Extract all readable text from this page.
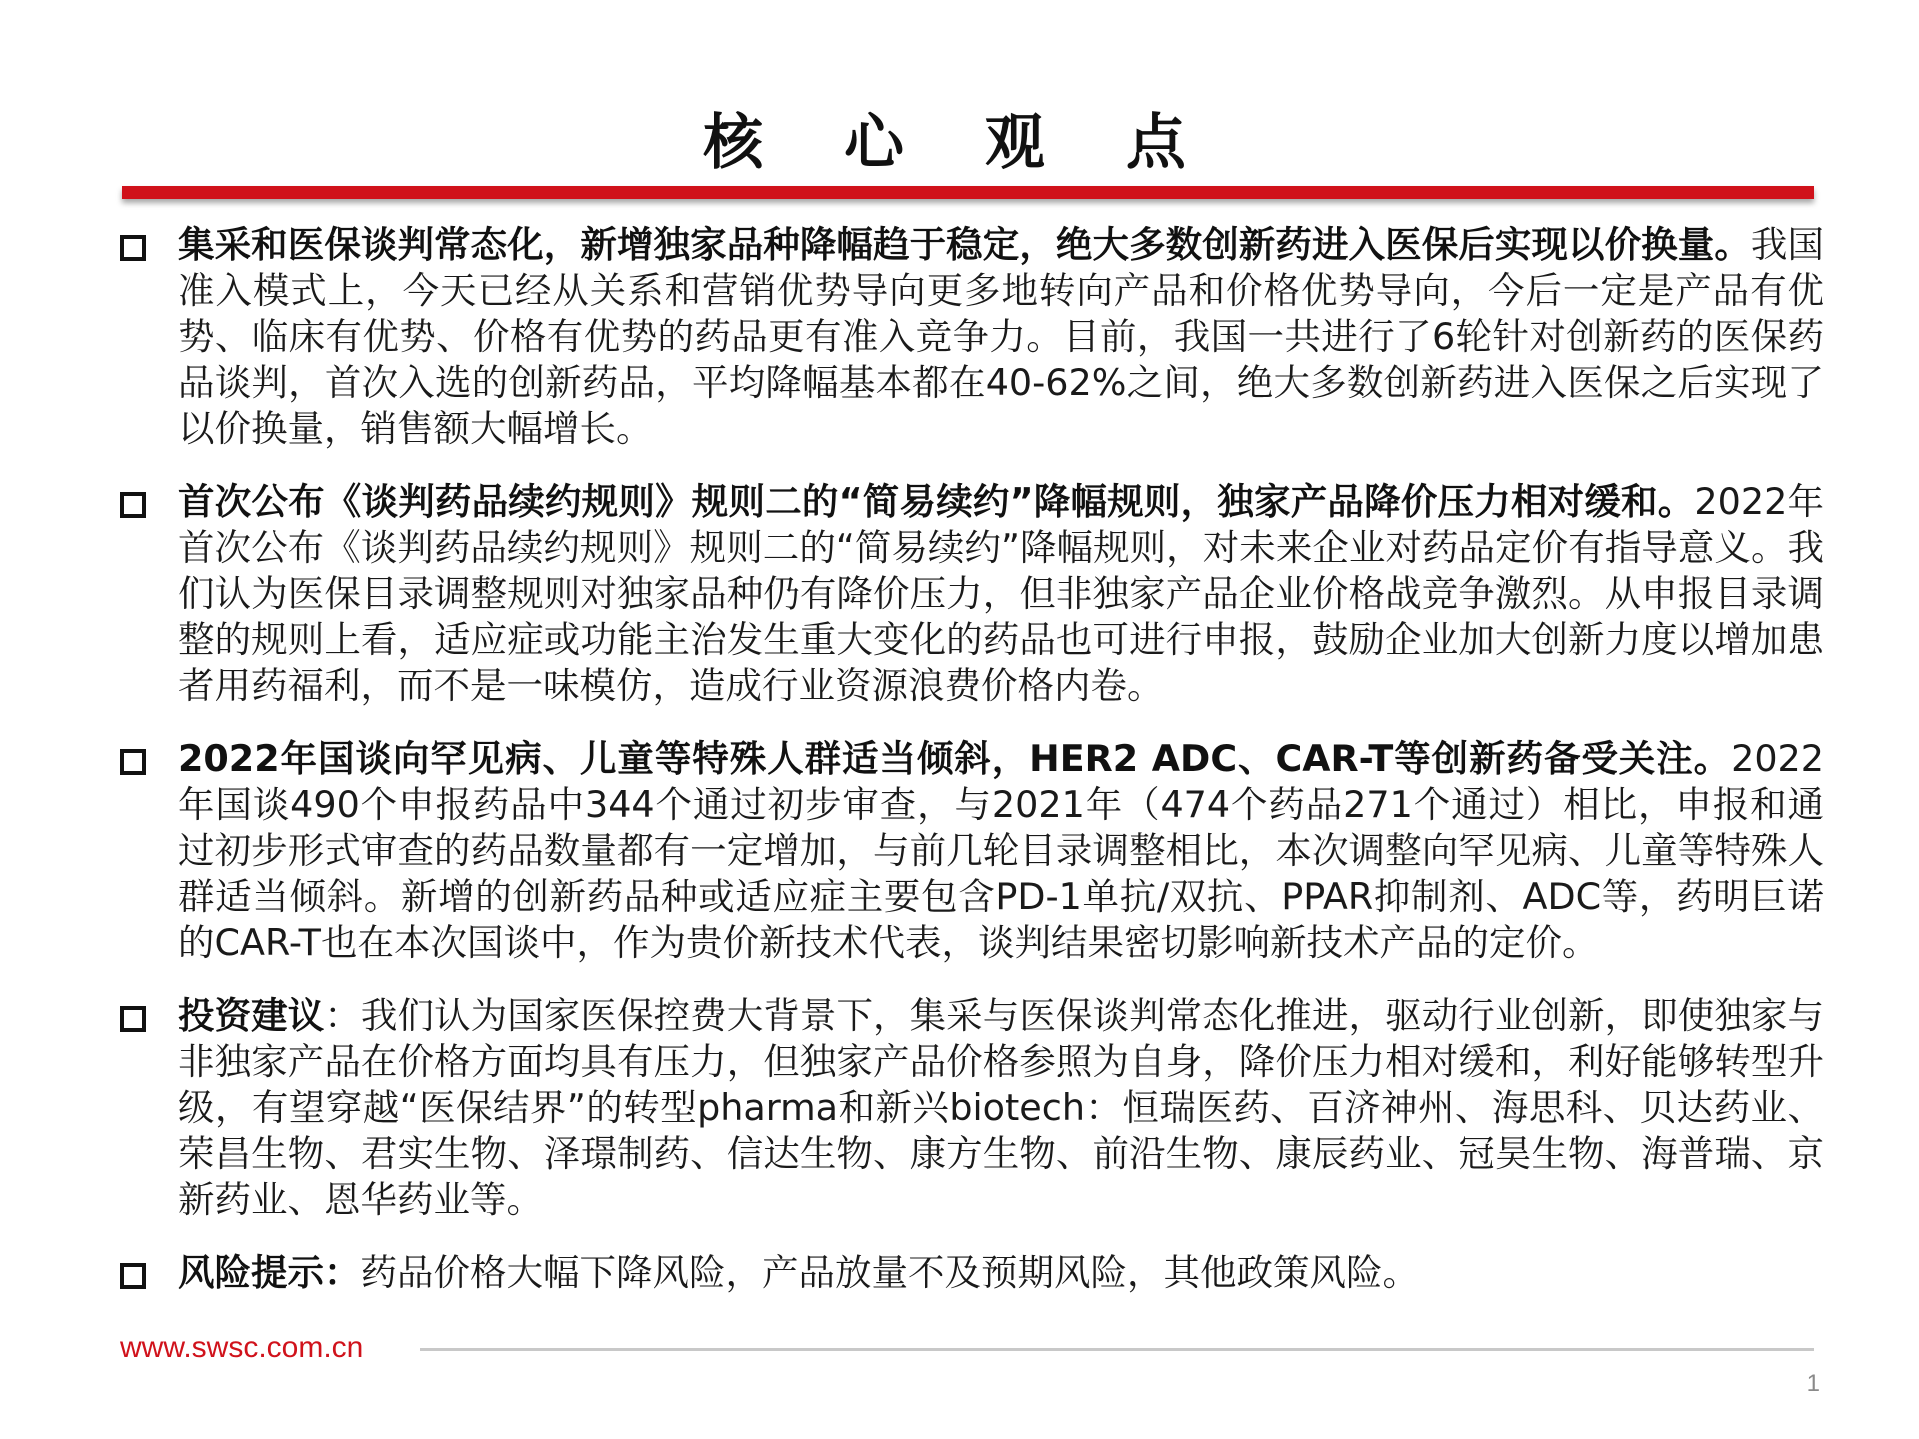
核 心 观 点
集采和医保谈判常态化，新增独家品种降幅趋于稳定，绝大多数创新药进入医保后实现以价换量。我国准入模式上，今天已经从关系和营销优势导向更多地转向产品和价格优势导向，今后一定是产品有优势、临床有优势、价格有优势的药品更有准入竞争力。目前，我国一共进行了6轮针对创新药的医保药品谈判，首次入选的创新药品，平均降幅基本都在40-62%之间，绝大多数创新药进入医保之后实现了以价换量，销售额大幅增长。
首次公布《谈判药品续约规则》规则二的“简易续约”降幅规则，独家产品降价压力相对缓和。2022年首次公布《谈判药品续约规则》规则二的“简易续约”降幅规则，对未来企业对药品定价有指导意义。我们认为医保目录调整规则对独家品种仍有降价压力，但非独家产品企业价格战竞争激烈。从申报目录调整的规则上看，适应症或功能主治发生重大变化的药品也可进行申报，鼓励企业加大创新力度以增加患者用药福利，而不是一味模仿，造成行业资源浪费价格内卷。
2022年国谈向罕见病、儿童等特殊人群适当倾斜，HER2 ADC、CAR-T等创新药备受关注。2022年国谈490个申报药品中344个通过初步审查，与2021年（474个药品271个通过）相比，申报和通过初步形式审查的药品数量都有一定增加，与前几轮目录调整相比，本次调整向罕见病、儿童等特殊人群适当倾斜。新增的创新药品种或适应症主要包含PD-1单抗/双抗、PPAR抑制剂、ADC等，药明巨诺的CAR-T也在本次国谈中，作为贵价新技术代表，谈判结果密切影响新技术产品的定价。
投资建议：我们认为国家医保控费大背景下，集采与医保谈判常态化推进，驱动行业创新，即使独家与非独家产品在价格方面均具有压力，但独家产品价格参照为自身，降价压力相对缓和，利好能够转型升级，有望穿越“医保结界”的转型pharma和新兴biotech：恒瑞医药、百济神州、海思科、贝达药业、荣昌生物、君实生物、泽璟制药、信达生物、康方生物、前沿生物、康辰药业、冠昊生物、海普瑞、京新药业、恩华药业等。
风险提示：药品价格大幅下降风险，产品放量不及预期风险，其他政策风险。
www.swsc.com.cn
1
